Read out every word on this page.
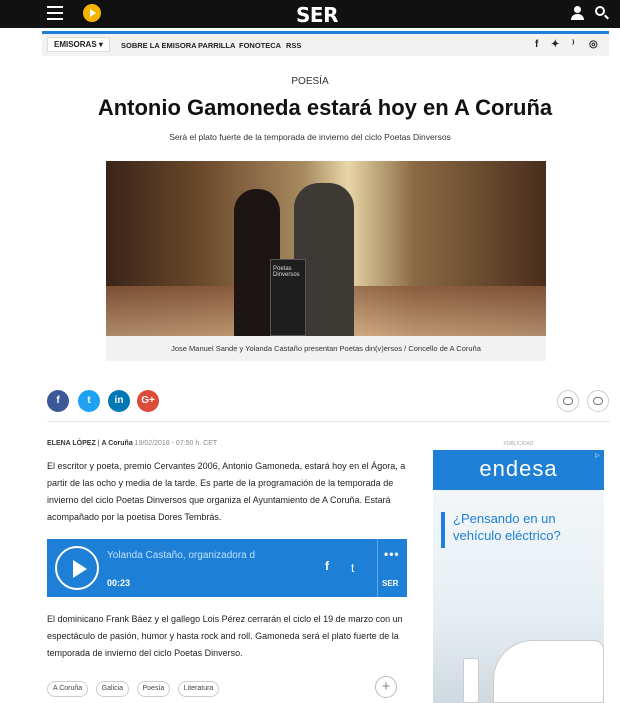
SER
EMISORAS ▾	SOBRE LA EMISORA PARRILLA FONOTECA RSS	f ✦ ⁾ ◎
POESÍA
Antonio Gamoneda estará hoy en A Coruña
Será el plato fuerte de la temporada de invierno del ciclo Poetas Dinversos
Poetas Dinversos
Jose Manuel Sande y Yolanda Castaño presentan Poetas din(v)ersos / Concello de A Coruña
f	t	in	G+
ELENA LÓPEZ | A Coruña 19/02/2018 - 07:50 h. CET

El escritor y poeta, premio Cervantes 2006, Antonio Gamoneda, estará hoy en el Ágora, a partir de las ocho y media de la tarde. Es parte de la programación de la temporada de invierno del ciclo Poetas Dinversos que organiza el Ayuntamiento de A Coruña. Estará acompañado por la poetisa Dores Tembrás.

Yolanda Castaño, organizadora d
00:23
f t
•••
SER

El dominicano Frank Báez y el gallego Lois Pérez cerrarán el ciclo el 19 de marzo con un espectáculo de pasión, humor y hasta rock and roll. Gamoneda será el plato fuerte de la temporada de invierno del ciclo Poetas Dinverso.

A Coruña	Galicia	Poesía	Literatura	+
PUBLICIDAD
endesa	▷
¿Pensando en un vehículo eléctrico?
